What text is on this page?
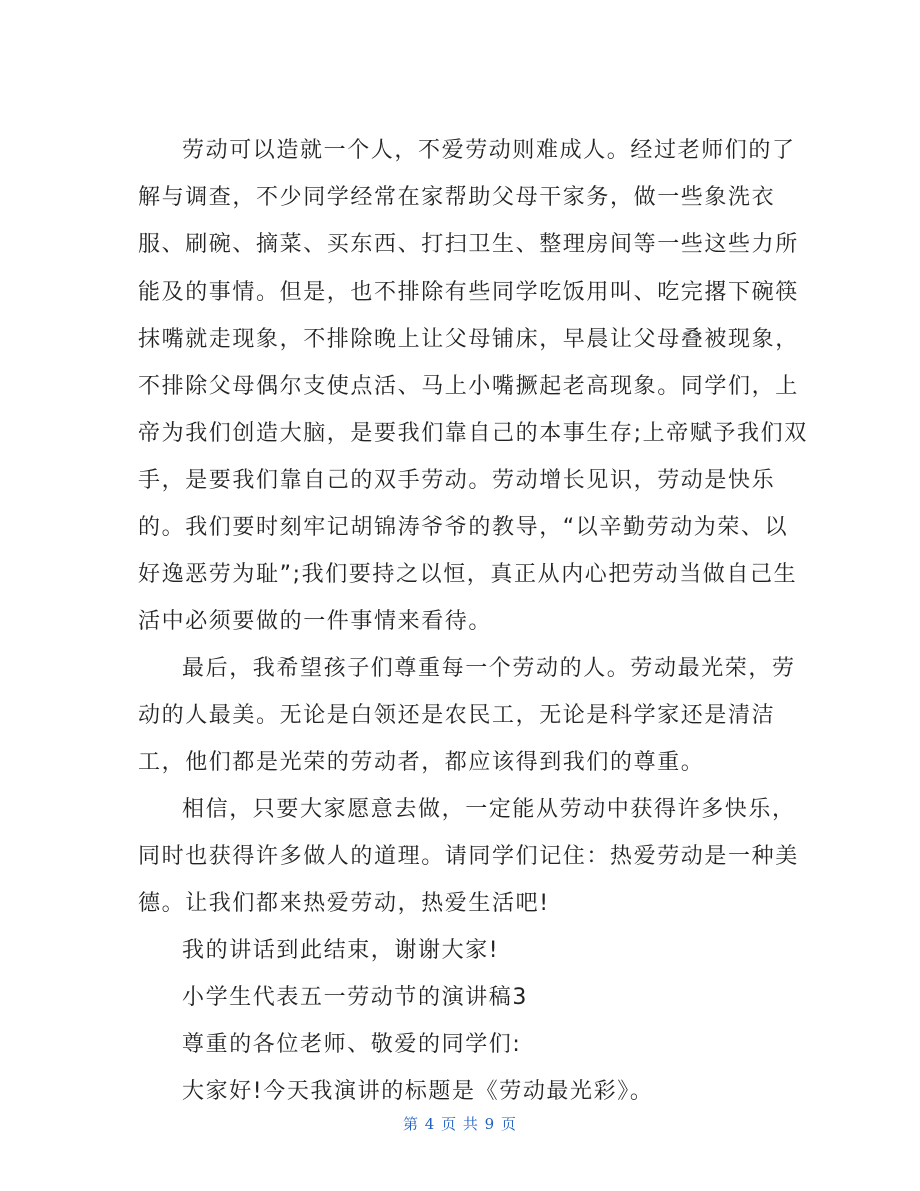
劳动可以造就一个人，不爱劳动则难成人。经过老师们的了
解与调查，不少同学经常在家帮助父母干家务，做一些象洗衣
服、刷碗、摘菜、买东西、打扫卫生、整理房间等一些这些力所
能及的事情。但是，也不排除有些同学吃饭用叫、吃完撂下碗筷
抹嘴就走现象，不排除晚上让父母铺床，早晨让父母叠被现象，
不排除父母偶尔支使点活、马上小嘴撅起老高现象。同学们，上
帝为我们创造大脑，是要我们靠自己的本事生存;上帝赋予我们双
手，是要我们靠自己的双手劳动。劳动增长见识，劳动是快乐
的。我们要时刻牢记胡锦涛爷爷的教导，“以辛勤劳动为荣、以
好逸恶劳为耻”;我们要持之以恒，真正从内心把劳动当做自己生
活中必须要做的一件事情来看待。
最后，我希望孩子们尊重每一个劳动的人。劳动最光荣，劳
动的人最美。无论是白领还是农民工，无论是科学家还是清洁
工，他们都是光荣的劳动者，都应该得到我们的尊重。
相信，只要大家愿意去做，一定能从劳动中获得许多快乐，
同时也获得许多做人的道理。请同学们记住：热爱劳动是一种美
德。让我们都来热爱劳动，热爱生活吧!
我的讲话到此结束，谢谢大家!
小学生代表五一劳动节的演讲稿3
尊重的各位老师、敬爱的同学们:
大家好!今天我演讲的标题是《劳动最光彩》。
第 4 页 共 9 页
